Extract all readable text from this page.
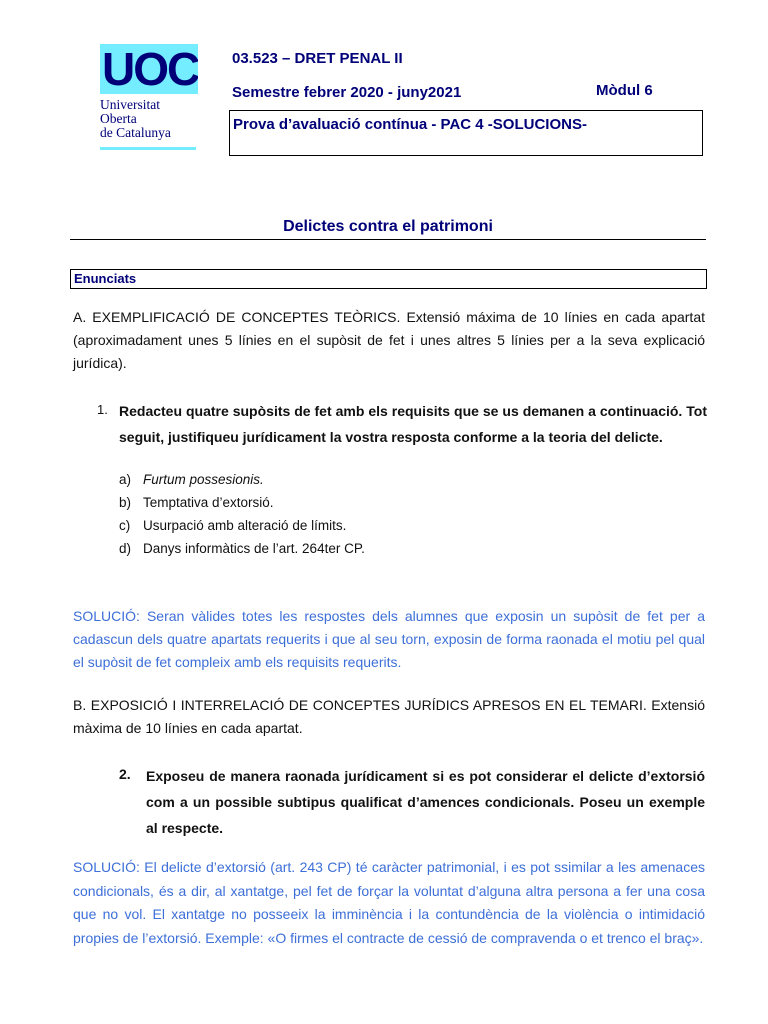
UOC
Universitat
Oberta
de Catalunya
03.523 – DRET PENAL II
Semestre febrer 2020 - juny2021	Mòdul 6
Prova d’avaluació contínua - PAC 4 -SOLUCIONS-
Delictes contra el patrimoni
Enunciats
A. EXEMPLIFICACIÓ DE CONCEPTES TEÒRICS. Extensió máxima de 10 línies en cada apartat (aproximadament unes 5 línies en el supòsit de fet i unes altres 5 línies per a la seva explicació jurídica).
1. Redacteu quatre supòsits de fet amb els requisits que se us demanen a continuació. Tot seguit, justifiqueu jurídicament la vostra resposta conforme a la teoria del delicte.
a) Furtum possesionis.
b) Temptativa d’extorsió.
c) Usurpació amb alteració de límits.
d) Danys informàtics de l’art. 264ter CP.
SOLUCIÓ: Seran vàlides totes les respostes dels alumnes que exposin un supòsit de fet per a cadascun dels quatre apartats requerits i que al seu torn, exposin de forma raonada el motiu pel qual el supòsit de fet compleix amb els requisits requerits.
B. EXPOSICIÓ I INTERRELACIÓ DE CONCEPTES JURÍDICS APRESOS EN EL TEMARI. Extensió màxima de 10 línies en cada apartat.
2. Exposeu de manera raonada jurídicament si es pot considerar el delicte d’extorsió com a un possible subtipus qualificat d’amences condicionals. Poseu un exemple al respecte.
SOLUCIÓ: El delicte d’extorsió (art. 243 CP) té caràcter patrimonial, i es pot ssimilar a les amenaces condicionals, és a dir, al xantatge, pel fet de forçar la voluntat d’alguna altra persona a fer una cosa que no vol. El xantatge no posseeix la imminència i la contundència de la violència o intimidació propies de l’extorsió. Exemple: «O firmes el contracte de cessió de compravenda o et trenco el braç».
